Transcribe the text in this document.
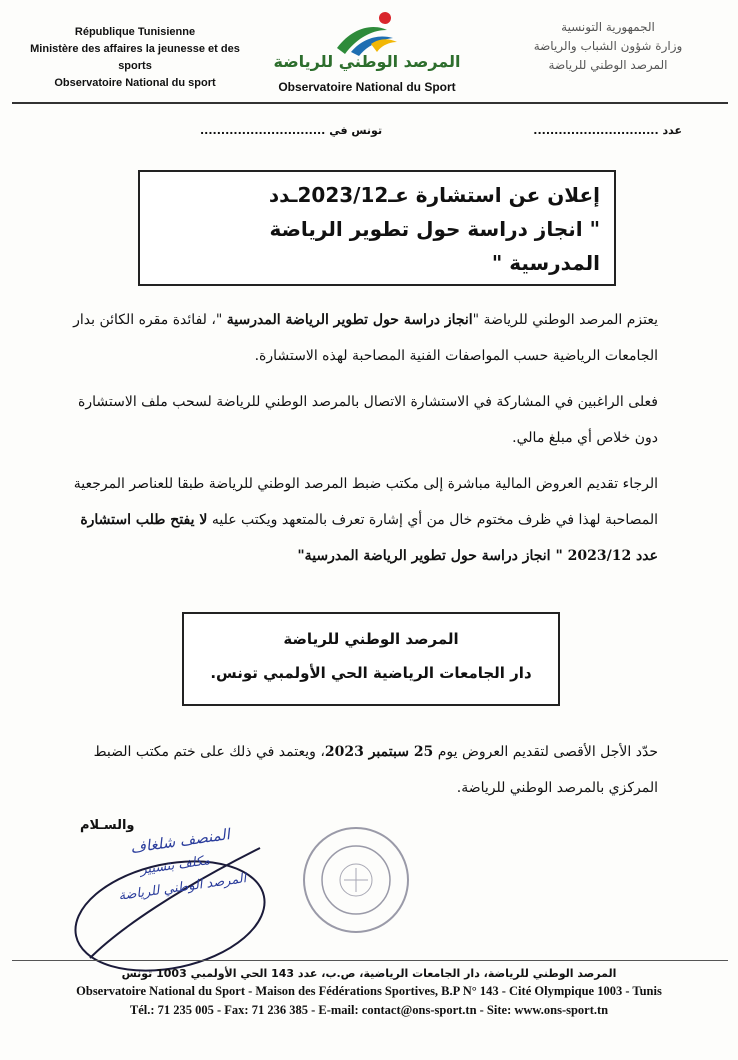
République Tunisienne
Ministère des affaires la jeunesse et des sports
Observatoire National du sport
المرصد الوطني للرياضة
Observatoire National du Sport
الجمهورية التونسية
وزارة شؤون الشباب والرياضة
المرصد الوطني للرياضة
عدد ..............................
تونس في ..............................
إعلان عن استشارة عـ2023/12ـدد
" انجاز دراسة حول تطوير الرياضة
المدرسية "
يعتزم المرصد الوطني للرياضة "انجاز دراسة حول تطوير الرياضة المدرسية "، لفائدة مقره الكائن بدار الجامعات الرياضية حسب المواصفات الفنية المصاحبة لهذه الاستشارة.
فعلى الراغبين في المشاركة في الاستشارة الاتصال بالمرصد الوطني للرياضة لسحب ملف الاستشارة دون خلاص أي مبلغ مالي.
الرجاء تقديم العروض المالية مباشرة إلى مكتب ضبط المرصد الوطني للرياضة طبقا للعناصر المرجعية المصاحبة لهذا في ظرف مختوم خال من أي إشارة تعرف بالمتعهد ويكتب عليه لا يفتح طلب استشارة عدد 2023/12 " انجاز دراسة حول تطوير الرياضة المدرسية"
المرصد الوطني للرياضة
دار الجامعات الرياضية الحي الأولمبي تونس.
حدّد الأجل الأقصى لتقديم العروض يوم 25 سبتمبر 2023، ويعتمد في ذلك على ختم مكتب الضبط المركزي بالمرصد الوطني للرياضة.
والسـلام
المنصف شلغاف
مكلف بتسيير
المرصد الوطني للرياضة
المرصد الوطني للرياضة، دار الجامعات الرياضية، ص.ب، عدد 143 الحي الأولمبي 1003 تونس
Observatoire National du Sport - Maison des Fédérations Sportives, B.P N° 143 - Cité Olympique 1003 - Tunis
Tél.: 71 235 005 - Fax: 71 236 385 - E-mail: contact@ons-sport.tn - Site: www.ons-sport.tn
